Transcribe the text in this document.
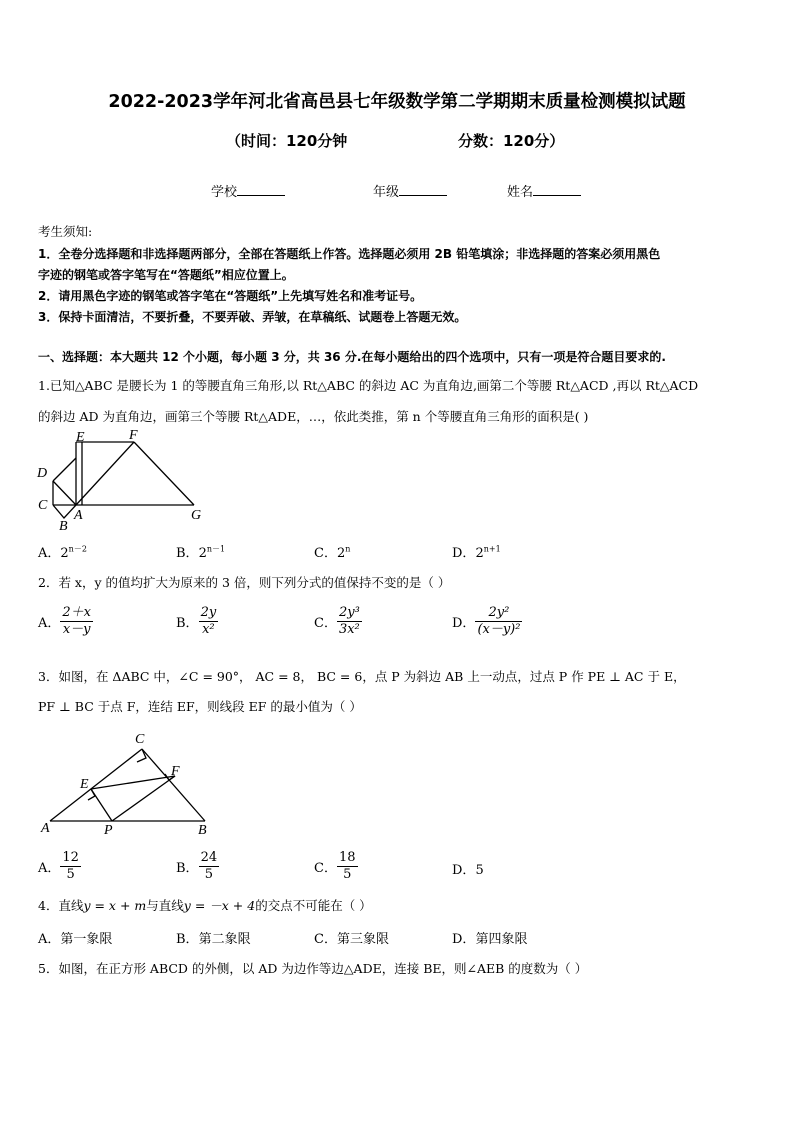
2022-2023学年河北省高邑县七年级数学第二学期期末质量检测模拟试题
（时间：120分钟	分数：120分）
学校	年级	姓名
考生须知:
1．全卷分选择题和非选择题两部分，全部在答题纸上作答。选择题必须用 2B 铅笔填涂；非选择题的答案必须用黑色
字迹的钢笔或答字笔写在“答题纸”相应位置上。
2．请用黑色字迹的钢笔或答字笔在“答题纸”上先填写姓名和准考证号。
3．保持卡面清洁，不要折叠，不要弄破、弄皱，在草稿纸、试题卷上答题无效。
一、选择题：本大题共 12 个小题，每小题 3 分，共 36 分.在每小题给出的四个选项中，只有一项是符合题目要求的.
1.已知△ABC 是腰长为 1 的等腰直角三角形,以 Rt△ABC 的斜边 AC 为直角边,画第二个等腰 Rt△ACD ,再以 Rt△ACD
的斜边 AD 为直角边，画第三个等腰 Rt△ADE，…，依此类推，第 n 个等腰直角三角形的面积是( )
E	F
D
C
B
A	G
A．$2^{n-2}$	B．$2^{n-1}$	C．2$^n$	D．$2^{n+1}$
2．若 x，y 的值均扩大为原来的 3 倍，则下列分式的值保持不变的是（ ）
A． $\frac{2+x}{x-y}$	B． $\frac{2y}{\text{x²}}$	C． $\frac{\text{2y³}}{\text{3x²}}$	D． $\frac{\text{2y²}}{\text{(x－y)²}}$
3．如图，在 ΔABC 中，∠C = 90°， AC = 8， BC = 6，点 P 为斜边 AB 上一动点，过点 P 作 PE ⊥ AC 于 E，
PF ⊥ BC 于点 F，连结 EF，则线段 EF 的最小值为（ ）
C
E
F
A	P	B
A． $\frac{12}{5}$	B． $\frac{24}{5}$	C． $\frac{18}{5}$	D．5
4．直线y = x + m与直线y = －x + 4的交点不可能在（ ）
A．第一象限	B．第二象限	C．第三象限	D．第四象限
5．如图，在正方形 ABCD 的外侧，以 AD 为边作等边△ADE，连接 BE，则∠AEB 的度数为（ ）
